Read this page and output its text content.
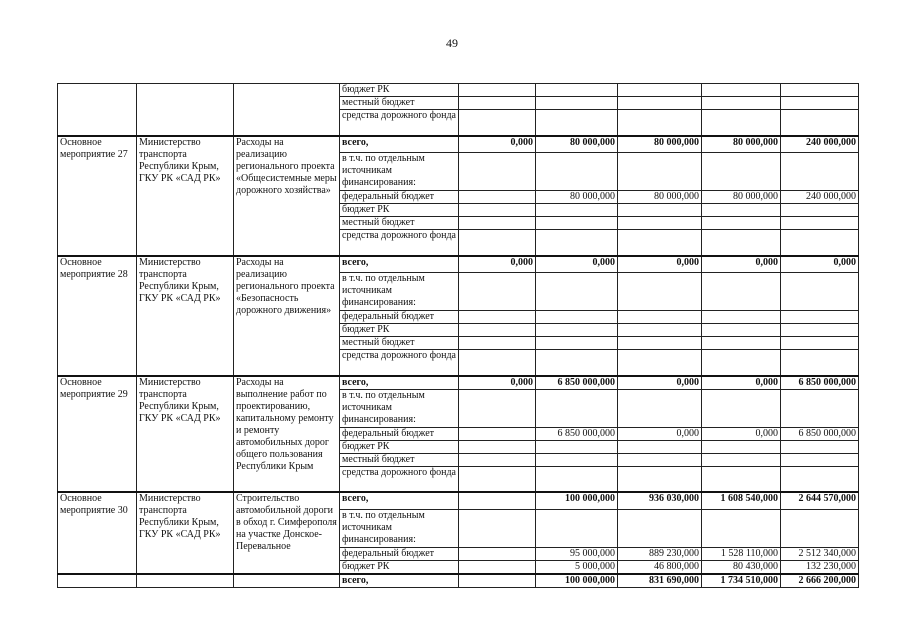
49
			бюджет РК					
			местный бюджет					
			средства дорожного фонда					
Основное мероприятие 27	Министерство транспорта Республики Крым, ГКУ РК «САД РК»	Расходы на реализацию регионального проекта «Общесистемные меры дорожного хозяйства»	всего,	0,000	80 000,000	80 000,000	80 000,000	240 000,000
			в т.ч. по отдельным источникам финансирования:					
			федеральный бюджет		80 000,000	80 000,000	80 000,000	240 000,000
			бюджет РК					
			местный бюджет					
			средства дорожного фонда					
Основное мероприятие 28	Министерство транспорта Республики Крым, ГКУ РК «САД РК»	Расходы на реализацию регионального проекта «Безопасность дорожного движения»	всего,	0,000	0,000	0,000	0,000	0,000
			в т.ч. по отдельным источникам финансирования:					
			федеральный бюджет					
			бюджет РК					
			местный бюджет					
			средства дорожного фонда					
Основное мероприятие 29	Министерство транспорта Республики Крым, ГКУ РК «САД РК»	Расходы на выполнение работ по проектированию, капитальному ремонту и ремонту автомобильных дорог общего пользования Республики Крым	всего,	0,000	6 850 000,000	0,000	0,000	6 850 000,000
			в т.ч. по отдельным источникам финансирования:					
			федеральный бюджет		6 850 000,000	0,000	0,000	6 850 000,000
			бюджет РК					
			местный бюджет					
			средства дорожного фонда					
Основное мероприятие 30	Министерство транспорта Республики Крым, ГКУ РК «САД РК»	Строительство автомобильной дороги в обход г. Симферополя на участке Донское-Перевальное	всего,		100 000,000	936 030,000	1 608 540,000	2 644 570,000
			в т.ч. по отдельным источникам финансирования:					
			федеральный бюджет		95 000,000	889 230,000	1 528 110,000	2 512 340,000
			бюджет РК		5 000,000	46 800,000	80 430,000	132 230,000
			всего,		100 000,000	831 690,000	1 734 510,000	2 666 200,000
